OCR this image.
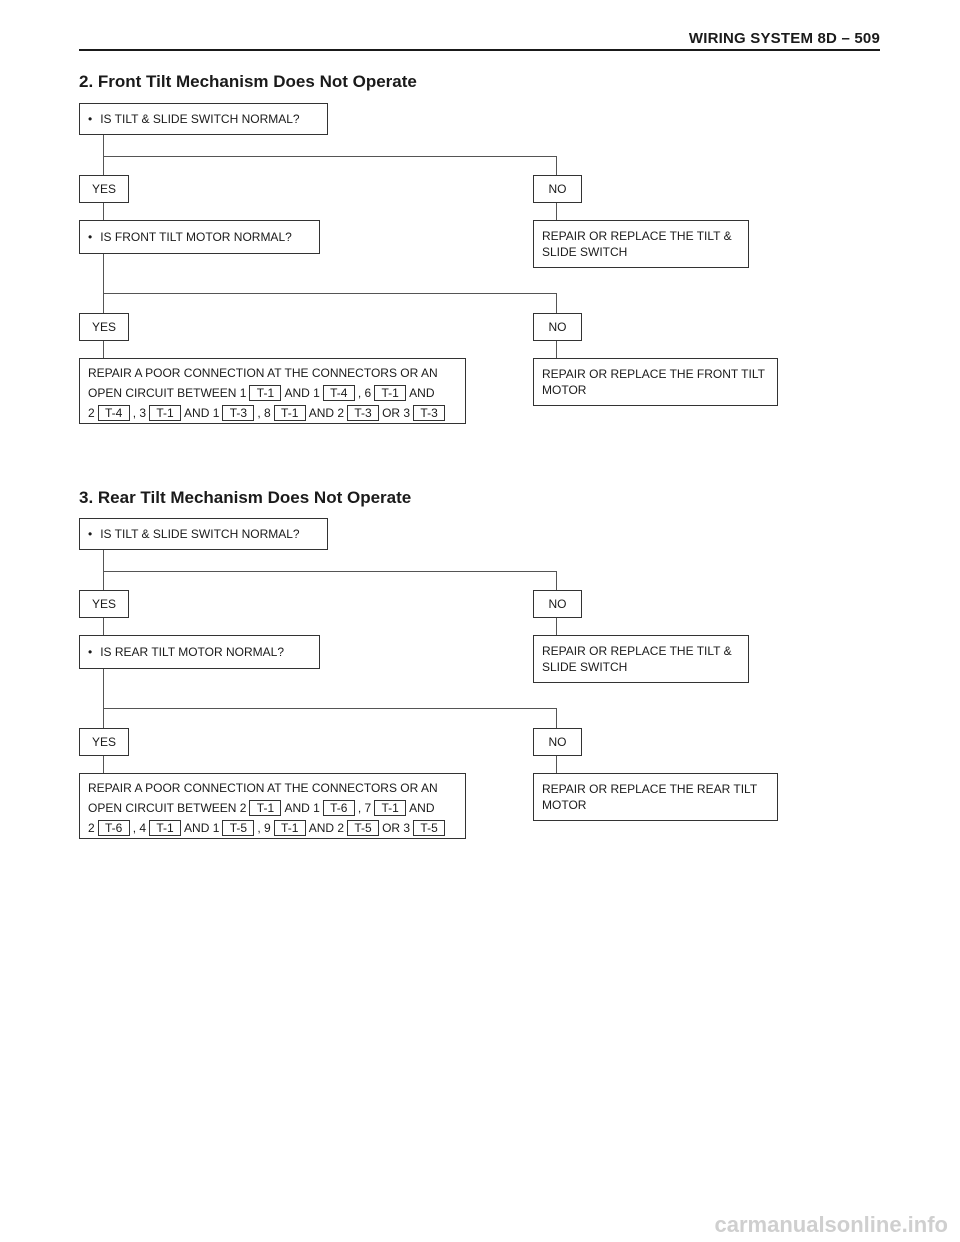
WIRING SYSTEM 8D – 509
2. Front Tilt Mechanism Does Not Operate
• IS TILT & SLIDE SWITCH NORMAL?
YES	NO
• IS FRONT TILT MOTOR NORMAL?	REPAIR OR REPLACE THE TILT &
SLIDE SWITCH
YES	NO
REPAIR A POOR CONNECTION AT THE CONNECTORS OR AN
OPEN CIRCUIT BETWEEN 1 T-1 AND 1 T-4 , 6 T-1 AND
2 T-4 , 3 T-1 AND 1 T-3 , 8 T-1 AND 2 T-3 OR 3 T-3
REPAIR OR REPLACE THE FRONT TILT
MOTOR
3. Rear Tilt Mechanism Does Not Operate
• IS TILT & SLIDE SWITCH NORMAL?
YES	NO
• IS REAR TILT MOTOR NORMAL?	REPAIR OR REPLACE THE TILT &
SLIDE SWITCH
YES	NO
REPAIR A POOR CONNECTION AT THE CONNECTORS OR AN
OPEN CIRCUIT BETWEEN 2 T-1 AND 1 T-6 , 7 T-1 AND
2 T-6 , 4 T-1 AND 1 T-5 , 9 T-1 AND 2 T-5 OR 3 T-5
REPAIR OR REPLACE THE REAR TILT
MOTOR
carmanualsonline.info
